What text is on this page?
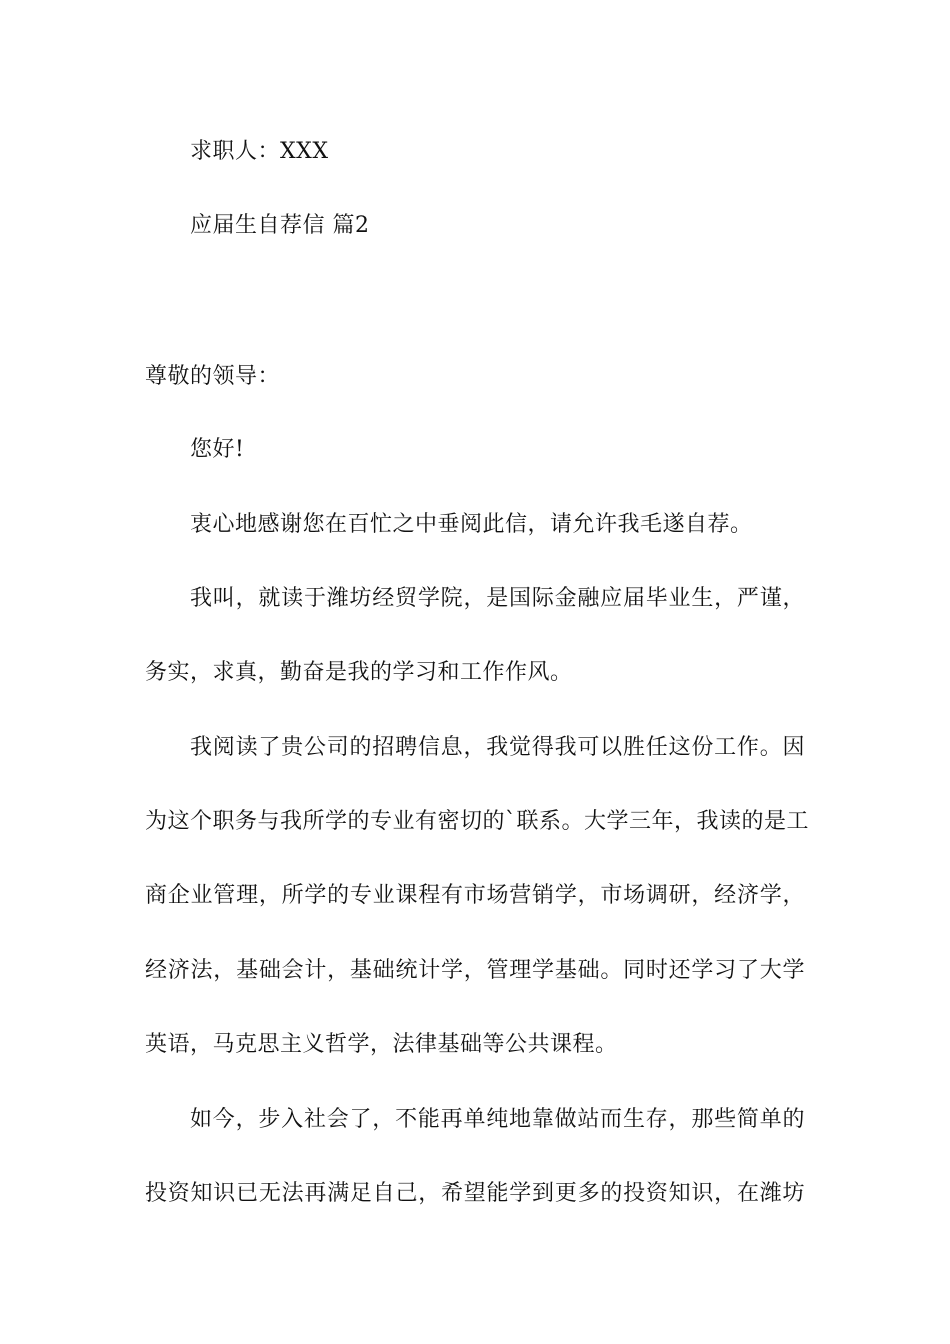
求职人：XXX
应届生自荐信 篇2
尊敬的领导：
您好!
衷心地感谢您在百忙之中垂阅此信，请允许我毛遂自荐。
我叫，就读于潍坊经贸学院，是国际金融应届毕业生，严谨，
务实，求真，勤奋是我的学习和工作作风。
我阅读了贵公司的招聘信息，我觉得我可以胜任这份工作。因
为这个职务与我所学的专业有密切的`联系。大学三年，我读的是工
商企业管理，所学的专业课程有市场营销学，市场调研，经济学，
经济法，基础会计，基础统计学，管理学基础。同时还学习了大学
英语，马克思主义哲学，法律基础等公共课程。
如今，步入社会了，不能再单纯地靠做站而生存，那些简单的
投资知识已无法再满足自己，希望能学到更多的投资知识，在潍坊
